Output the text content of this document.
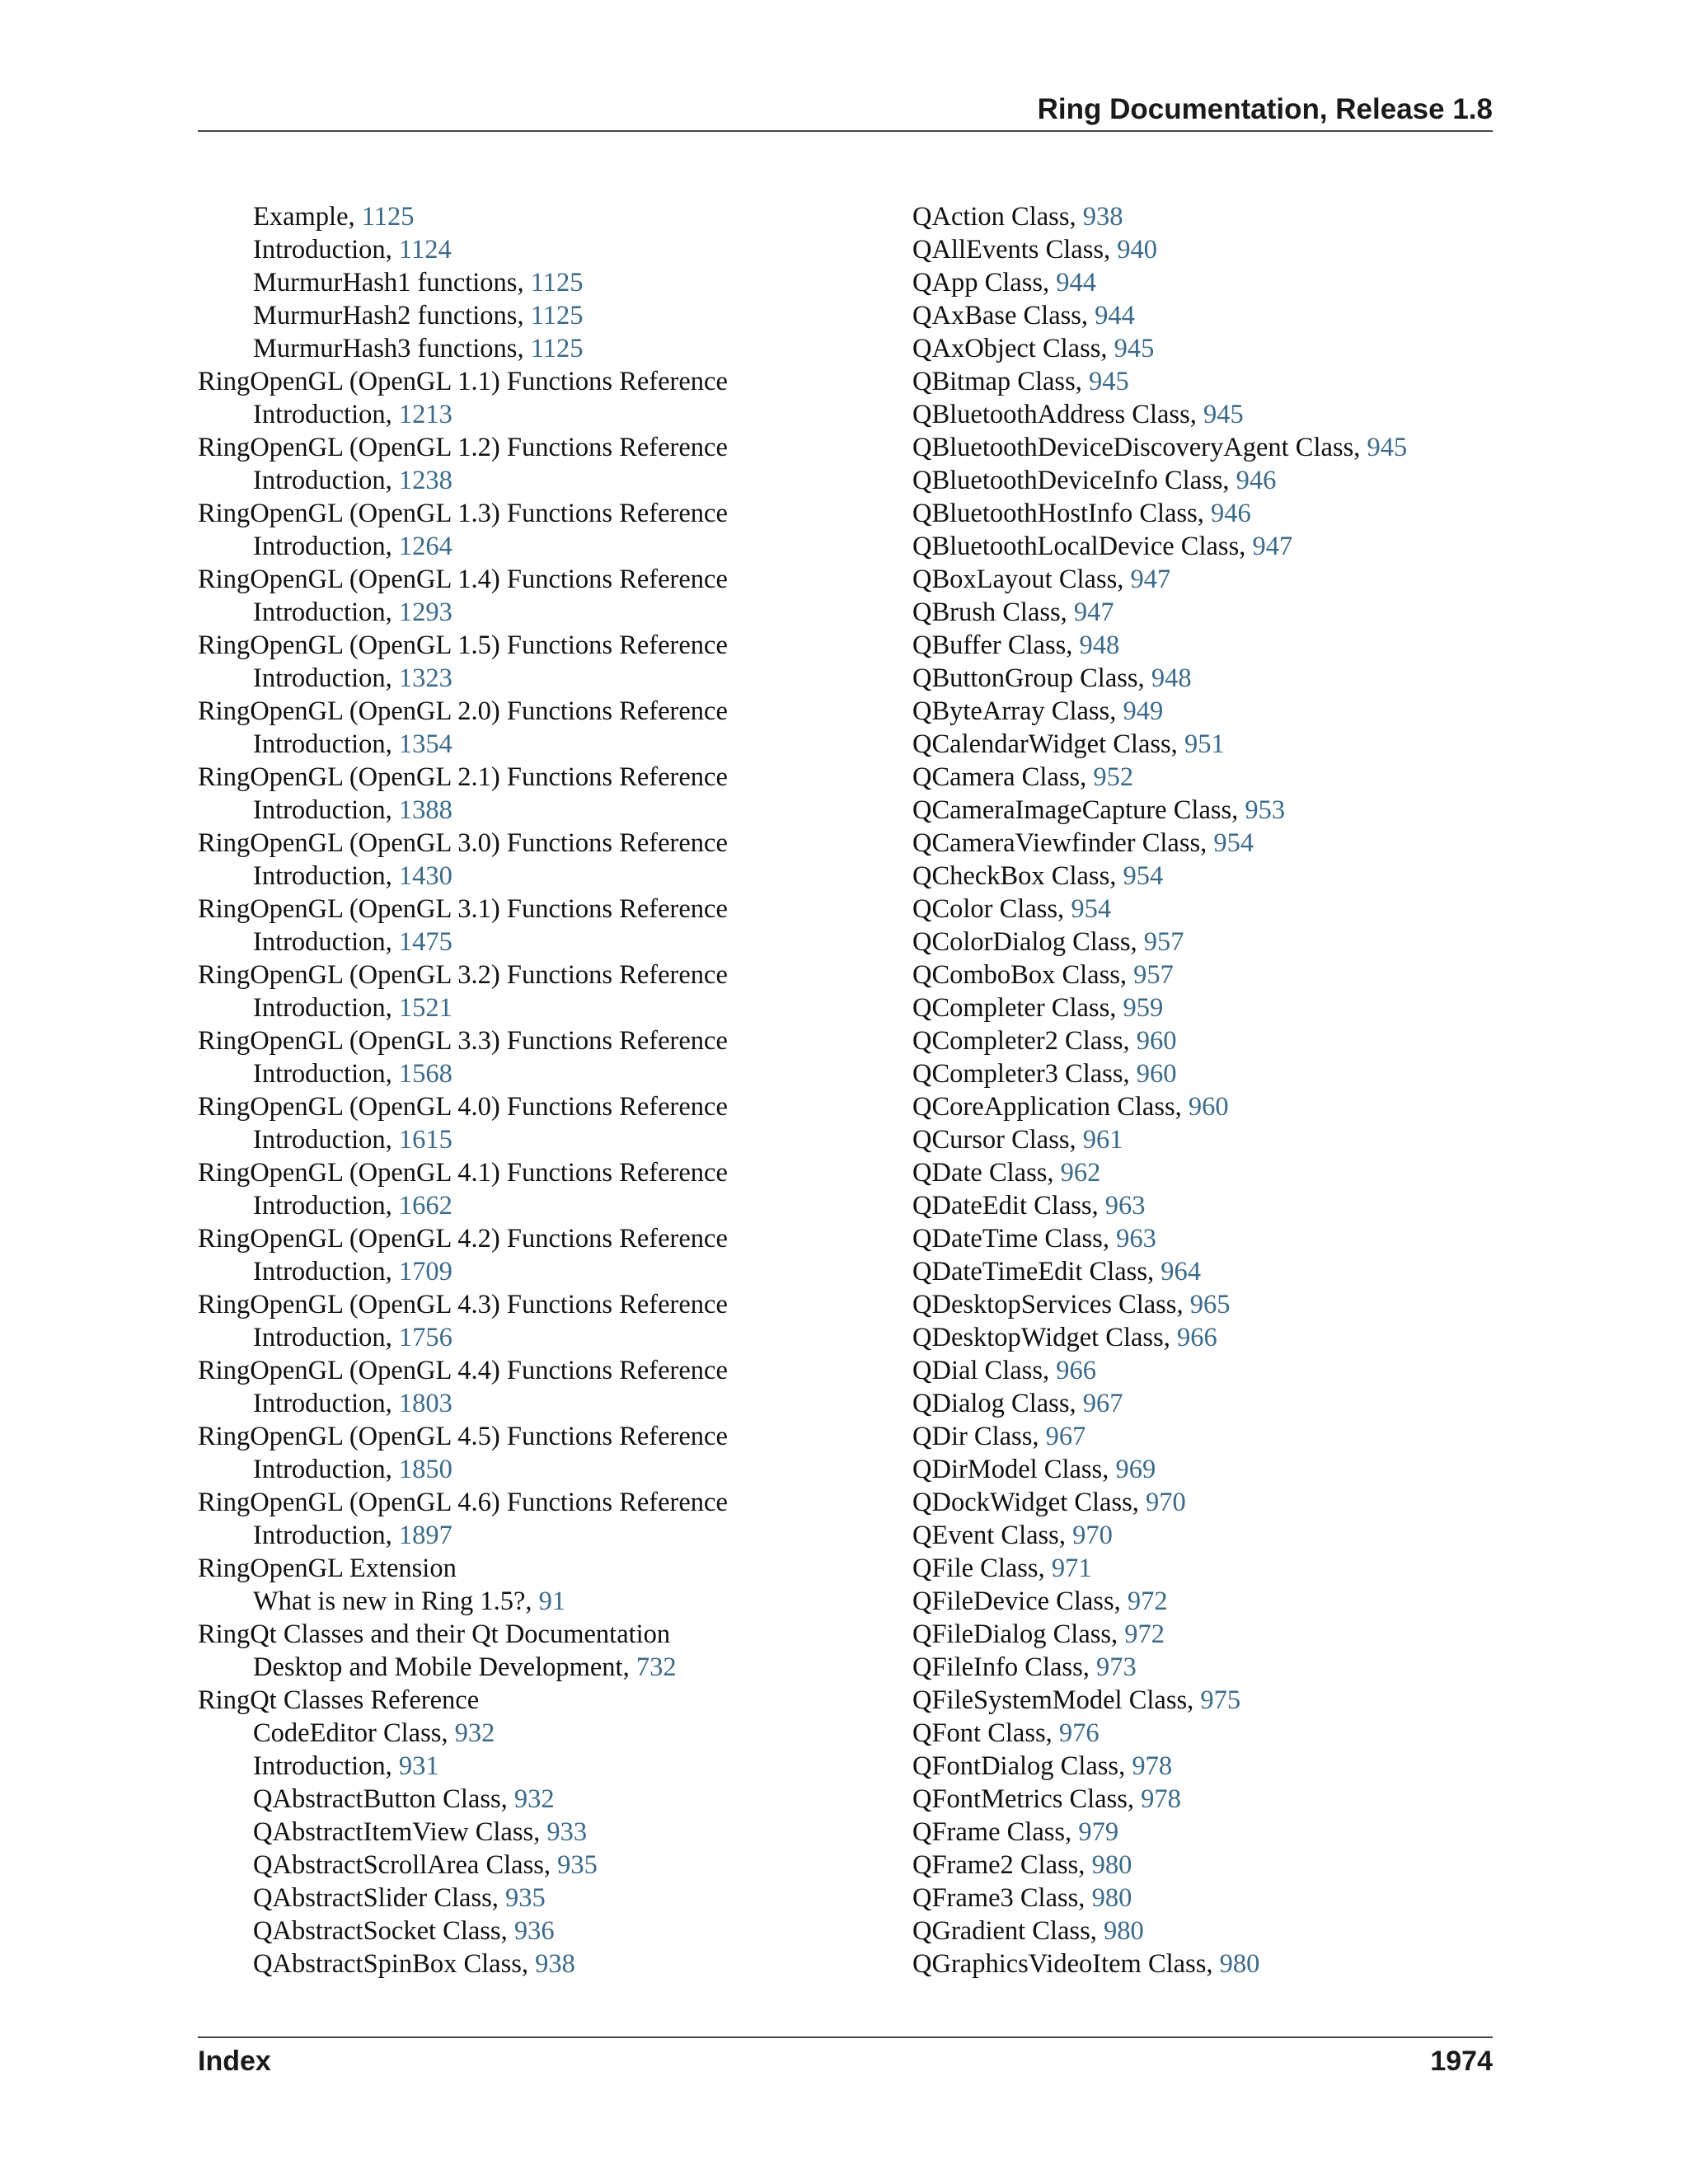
Ring Documentation, Release 1.8
Example, 1125
Introduction, 1124
MurmurHash1 functions, 1125
MurmurHash2 functions, 1125
MurmurHash3 functions, 1125
RingOpenGL (OpenGL 1.1) Functions Reference
Introduction, 1213
RingOpenGL (OpenGL 1.2) Functions Reference
Introduction, 1238
RingOpenGL (OpenGL 1.3) Functions Reference
Introduction, 1264
RingOpenGL (OpenGL 1.4) Functions Reference
Introduction, 1293
RingOpenGL (OpenGL 1.5) Functions Reference
Introduction, 1323
RingOpenGL (OpenGL 2.0) Functions Reference
Introduction, 1354
RingOpenGL (OpenGL 2.1) Functions Reference
Introduction, 1388
RingOpenGL (OpenGL 3.0) Functions Reference
Introduction, 1430
RingOpenGL (OpenGL 3.1) Functions Reference
Introduction, 1475
RingOpenGL (OpenGL 3.2) Functions Reference
Introduction, 1521
RingOpenGL (OpenGL 3.3) Functions Reference
Introduction, 1568
RingOpenGL (OpenGL 4.0) Functions Reference
Introduction, 1615
RingOpenGL (OpenGL 4.1) Functions Reference
Introduction, 1662
RingOpenGL (OpenGL 4.2) Functions Reference
Introduction, 1709
RingOpenGL (OpenGL 4.3) Functions Reference
Introduction, 1756
RingOpenGL (OpenGL 4.4) Functions Reference
Introduction, 1803
RingOpenGL (OpenGL 4.5) Functions Reference
Introduction, 1850
RingOpenGL (OpenGL 4.6) Functions Reference
Introduction, 1897
RingOpenGL Extension
What is new in Ring 1.5?, 91
RingQt Classes and their Qt Documentation
Desktop and Mobile Development, 732
RingQt Classes Reference
CodeEditor Class, 932
Introduction, 931
QAbstractButton Class, 932
QAbstractItemView Class, 933
QAbstractScrollArea Class, 935
QAbstractSlider Class, 935
QAbstractSocket Class, 936
QAbstractSpinBox Class, 938
QAction Class, 938
QAllEvents Class, 940
QApp Class, 944
QAxBase Class, 944
QAxObject Class, 945
QBitmap Class, 945
QBluetoothAddress Class, 945
QBluetoothDeviceDiscoveryAgent Class, 945
QBluetoothDeviceInfo Class, 946
QBluetoothHostInfo Class, 946
QBluetoothLocalDevice Class, 947
QBoxLayout Class, 947
QBrush Class, 947
QBuffer Class, 948
QButtonGroup Class, 948
QByteArray Class, 949
QCalendarWidget Class, 951
QCamera Class, 952
QCameraImageCapture Class, 953
QCameraViewfinder Class, 954
QCheckBox Class, 954
QColor Class, 954
QColorDialog Class, 957
QComboBox Class, 957
QCompleter Class, 959
QCompleter2 Class, 960
QCompleter3 Class, 960
QCoreApplication Class, 960
QCursor Class, 961
QDate Class, 962
QDateEdit Class, 963
QDateTime Class, 963
QDateTimeEdit Class, 964
QDesktopServices Class, 965
QDesktopWidget Class, 966
QDial Class, 966
QDialog Class, 967
QDir Class, 967
QDirModel Class, 969
QDockWidget Class, 970
QEvent Class, 970
QFile Class, 971
QFileDevice Class, 972
QFileDialog Class, 972
QFileInfo Class, 973
QFileSystemModel Class, 975
QFont Class, 976
QFontDialog Class, 978
QFontMetrics Class, 978
QFrame Class, 979
QFrame2 Class, 980
QFrame3 Class, 980
QGradient Class, 980
QGraphicsVideoItem Class, 980
Index	1974
